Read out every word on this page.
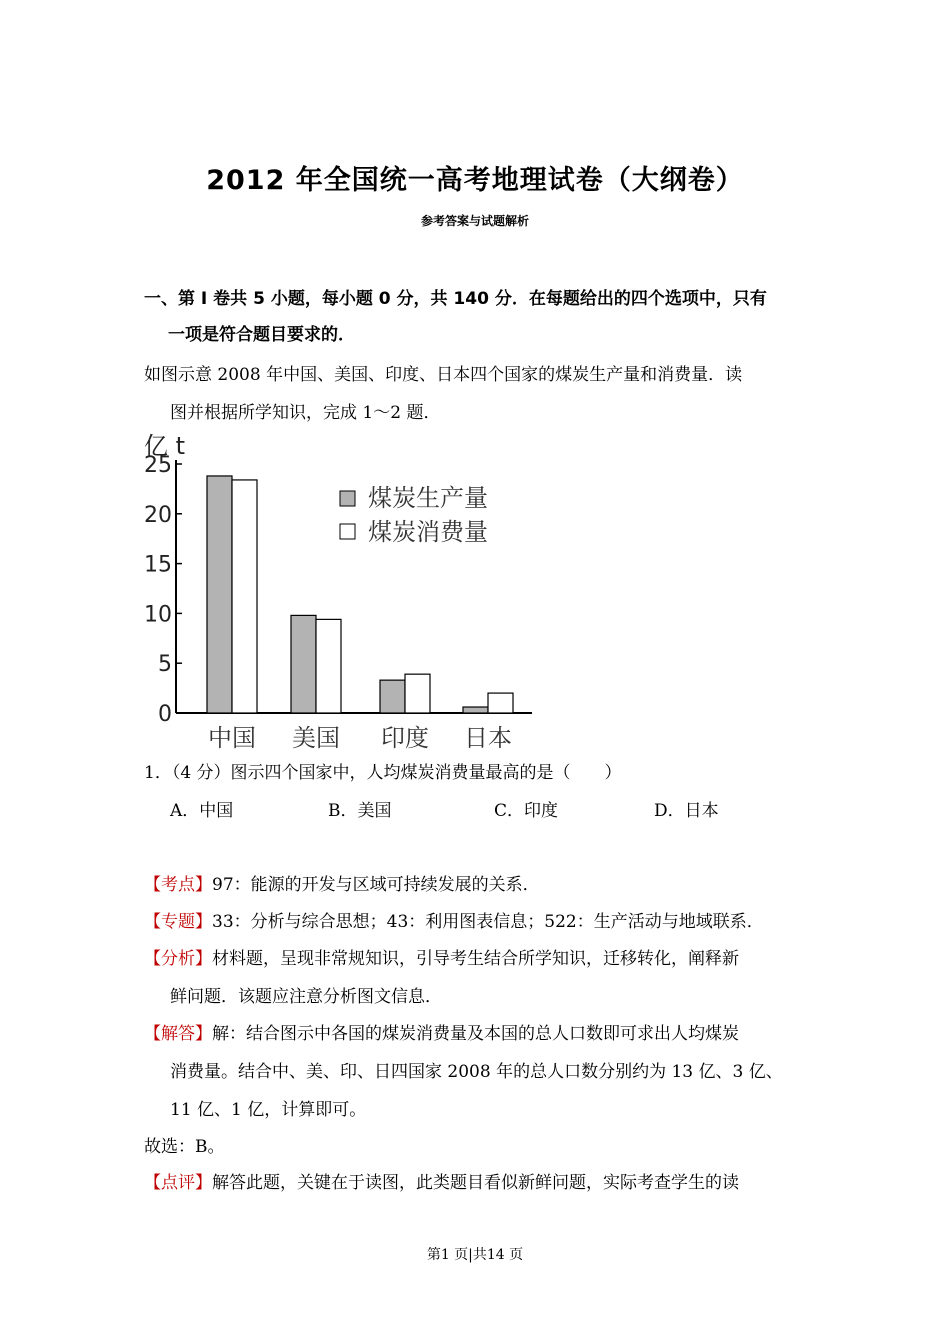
2012 年全国统一高考地理试卷（大纲卷）
参考答案与试题解析
一、第 I 卷共 5 小题，每小题 0 分，共 140 分．在每题给出的四个选项中，只有
一项是符合题目要求的．
如图示意 2008 年中国、美国、印度、日本四个国家的煤炭生产量和消费量．读
图并根据所学知识，完成 1～2 题．
亿 t
0
5
10
15
20
25
中国 美国 印度 日本
煤炭生产量
煤炭消费量
1．（4 分）图示四个国家中，人均煤炭消费量最高的是（　　）
A．中国	B．美国	C．印度	D．日本
【考点】97：能源的开发与区域可持续发展的关系．
【专题】33：分析与综合思想；43：利用图表信息；522：生产活动与地域联系．
【分析】材料题，呈现非常规知识，引导考生结合所学知识，迁移转化，阐释新
鲜问题．该题应注意分析图文信息．
【解答】解：结合图示中各国的煤炭消费量及本国的总人口数即可求出人均煤炭
消费量。结合中、美、印、日四国家 2008 年的总人口数分别约为 13 亿、3 亿、
11 亿、1 亿，计算即可。
故选：B。
【点评】解答此题，关键在于读图，此类题目看似新鲜问题，实际考查学生的读
第1 页|共14 页
